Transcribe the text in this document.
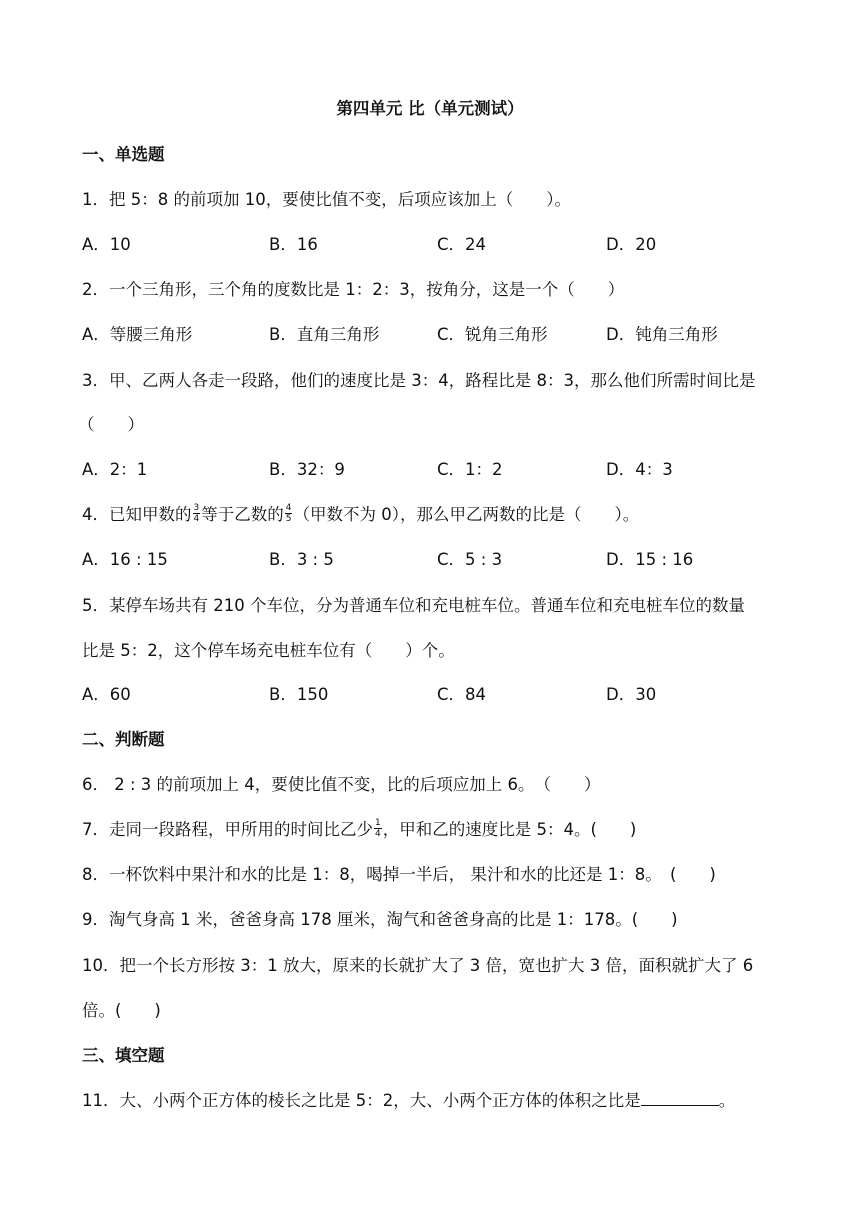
第四单元 比（单元测试）
一、单选题
1．把 5：8 的前项加 10，要使比值不变，后项应该加上（　　）。
A．10	B．16	C．24	D．20
2．一个三角形，三个角的度数比是 1：2：3，按角分，这是一个（　　）
A．等腰三角形	B．直角三角形	C．锐角三角形	D．钝角三角形
3．甲、乙两人各走一段路，他们的速度比是 3：4，路程比是 8：3，那么他们所需时间比是
（　　）
A．2：1	B．32：9	C．1：2	D．4：3
4．已知甲数的 $\frac{3}{4}$ 等于乙数的 $\frac{4}{5}$ （甲数不为 0），那么甲乙两数的比是（　　）。
A．16 : 15	B．3 : 5	C．5 : 3	D．15 : 16
5．某停车场共有 210 个车位，分为普通车位和充电桩车位。普通车位和充电桩车位的数量
比是 5：2，这个停车场充电桩车位有（　　）个。
A．60	B．150	C．84	D．30
二、判断题
6． 2 : 3 的前项加上 4，要使比值不变，比的后项应加上 6。　（　　）
7．走同一段路程，甲所用的时间比乙少 $\frac{1}{4}$ ，甲和乙的速度比是 5：4。(　　)
8．一杯饮料中果汁和水的比是 1：8，喝掉一半后， 果汁和水的比还是 1：8。　(　　)
9．淘气身高 1 米，爸爸身高 178 厘米，淘气和爸爸身高的比是 1：178。(　　)
10．把一个长方形按 3：1 放大，原来的长就扩大了 3 倍，宽也扩大 3 倍，面积就扩大了 6
倍。(　　)
三、填空题
11．大、小两个正方体的棱长之比是 5：2，大、小两个正方体的体积之比是	。
